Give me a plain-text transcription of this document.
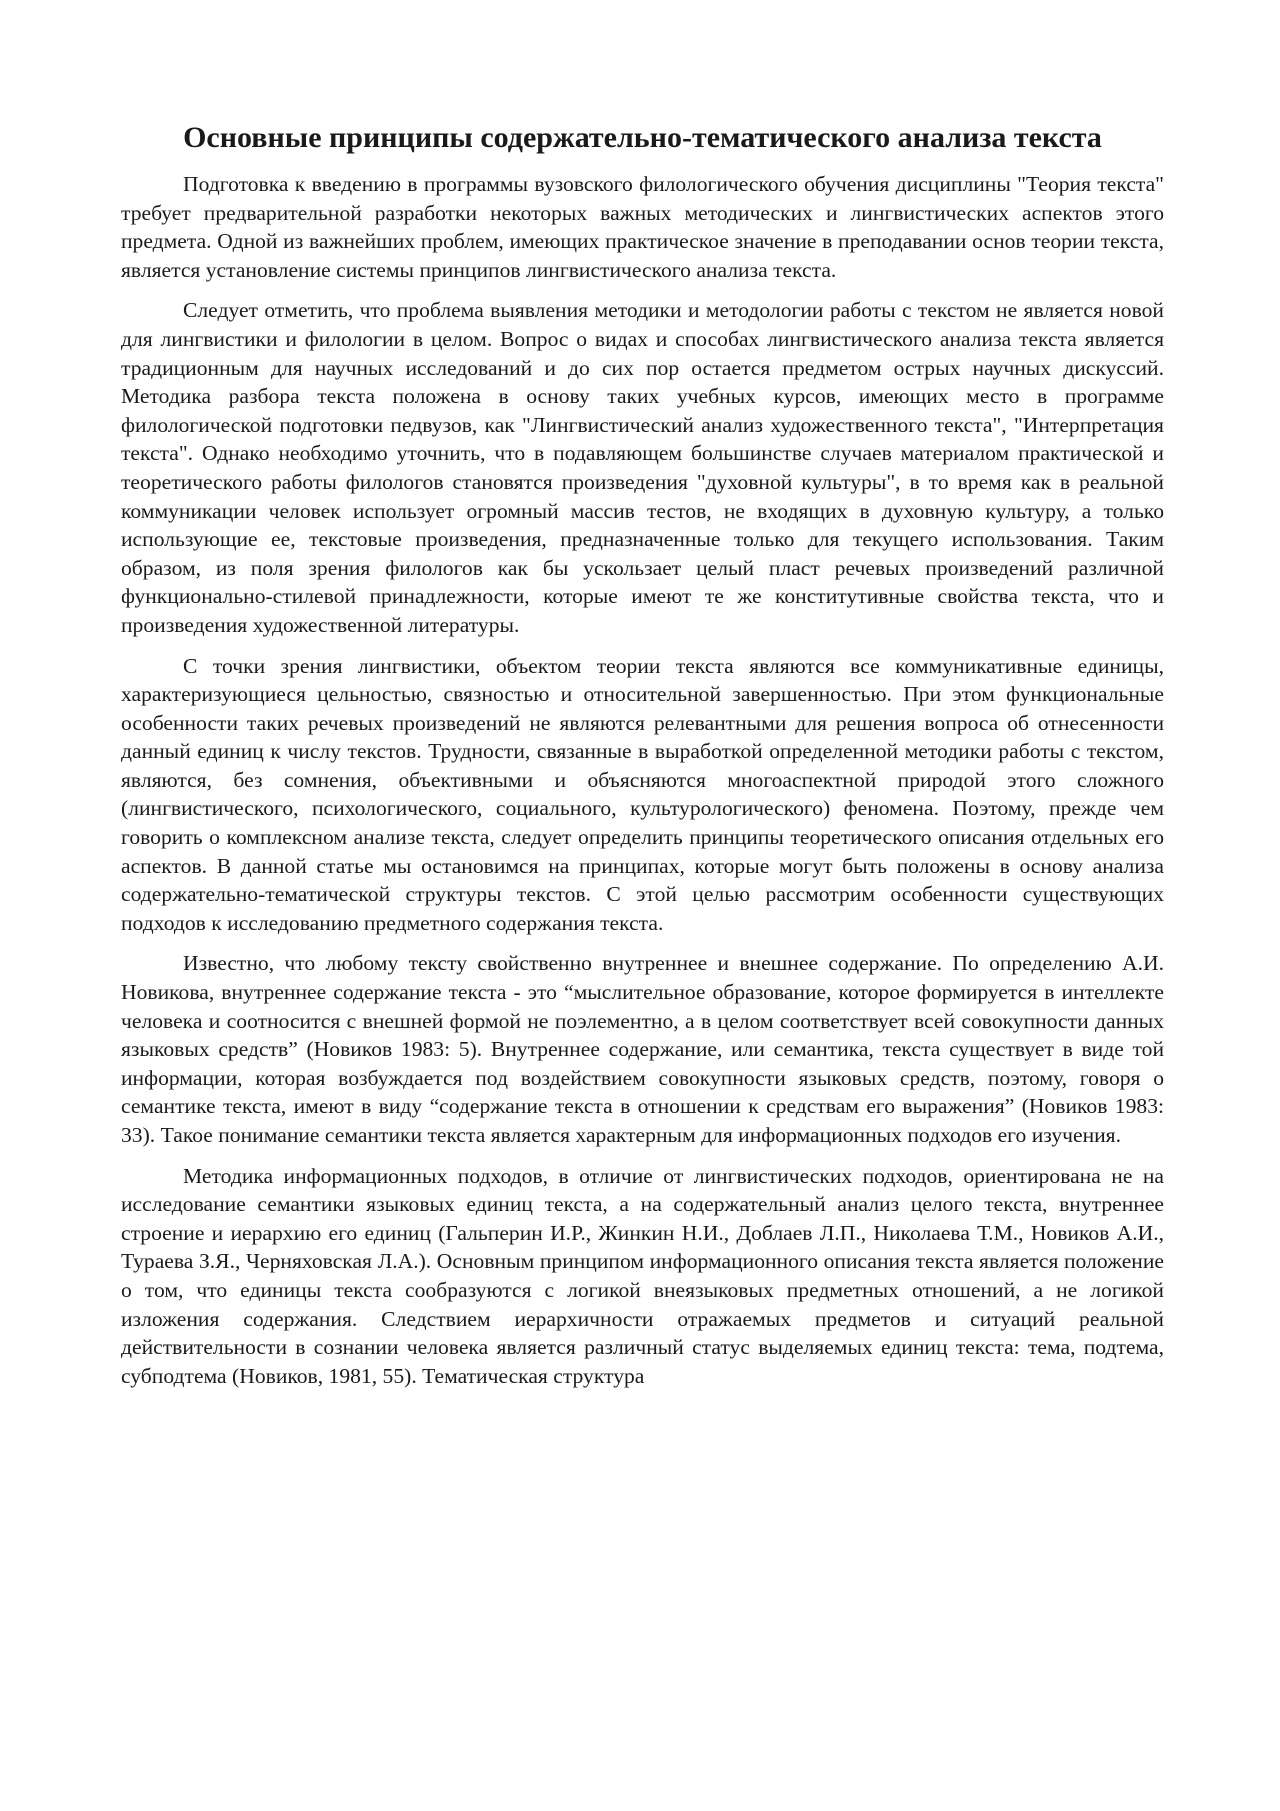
Основные принципы содержательно-тематического анализа текста

Подготовка к введению в программы вузовского филологического обучения дисциплины "Теория текста" требует предварительной разработки некоторых важных методических и лингвистических аспектов этого предмета. Одной из важнейших проблем, имеющих практическое значение в преподавании основ теории текста, является установление системы принципов лингвистического анализа текста.

Следует отметить, что проблема выявления методики и методологии работы с текстом не является новой для лингвистики и филологии в целом. Вопрос о видах и способах лингвистического анализа текста является традиционным для научных исследований и до сих пор остается предметом острых научных дискуссий. Методика разбора текста положена в основу таких учебных курсов, имеющих место в программе филологической подготовки педвузов, как "Лингвистический анализ художественного текста", "Интерпретация текста". Однако необходимо уточнить, что в подавляющем большинстве случаев материалом практической и теоретического работы филологов становятся произведения "духовной культуры", в то время как в реальной коммуникации человек использует огромный массив тестов, не входящих в духовную культуру, а только использующие ее, текстовые произведения, предназначенные только для текущего использования. Таким образом, из поля зрения филологов как бы ускользает целый пласт речевых произведений различной функционально-стилевой принадлежности, которые имеют те же конститутивные свойства текста, что и произведения художественной литературы.

С точки зрения лингвистики, объектом теории текста являются все коммуникативные единицы, характеризующиеся цельностью, связностью и относительной завершенностью. При этом функциональные особенности таких речевых произведений не являются релевантными для решения вопроса об отнесенности данный единиц к числу текстов. Трудности, связанные в выработкой определенной методики работы с текстом, являются, без сомнения, объективными и объясняются многоаспектной природой этого сложного (лингвистического, психологического, социального, культурологического) феномена. Поэтому, прежде чем говорить о комплексном анализе текста, следует определить принципы теоретического описания отдельных его аспектов. В данной статье мы остановимся на принципах, которые могут быть положены в основу анализа содержательно-тематической структуры текстов. С этой целью рассмотрим особенности существующих подходов к исследованию предметного содержания текста.

Известно, что любому тексту свойственно внутреннее и внешнее содержание. По определению А.И. Новикова, внутреннее содержание текста - это “мыслительное образование, которое формируется в интеллекте человека и соотносится с внешней формой не поэлементно, а в целом соответствует всей совокупности данных языковых средств” (Новиков 1983: 5). Внутреннее содержание, или семантика, текста существует в виде той информации, которая возбуждается под воздействием совокупности языковых средств, поэтому, говоря о семантике текста, имеют в виду “содержание текста в отношении к средствам его выражения” (Новиков 1983: 33). Такое понимание семантики текста является характерным для информационных подходов его изучения.

Методика информационных подходов, в отличие от лингвистических подходов, ориентирована не на исследование семантики языковых единиц текста, а на содержательный анализ целого текста, внутреннее строение и иерархию его единиц (Гальперин И.Р., Жинкин Н.И., Доблаев Л.П., Николаева Т.М., Новиков А.И., Тураева З.Я., Черняховская Л.А.). Основным принципом информационного описания текста является положение о том, что единицы текста сообразуются с логикой внеязыковых предметных отношений, а не логикой изложения содержания. Следствием иерархичности отражаемых предметов и ситуаций реальной действительности в сознании человека является различный статус выделяемых единиц текста: тема, подтема, субподтема (Новиков, 1981, 55). Тематическая структура
